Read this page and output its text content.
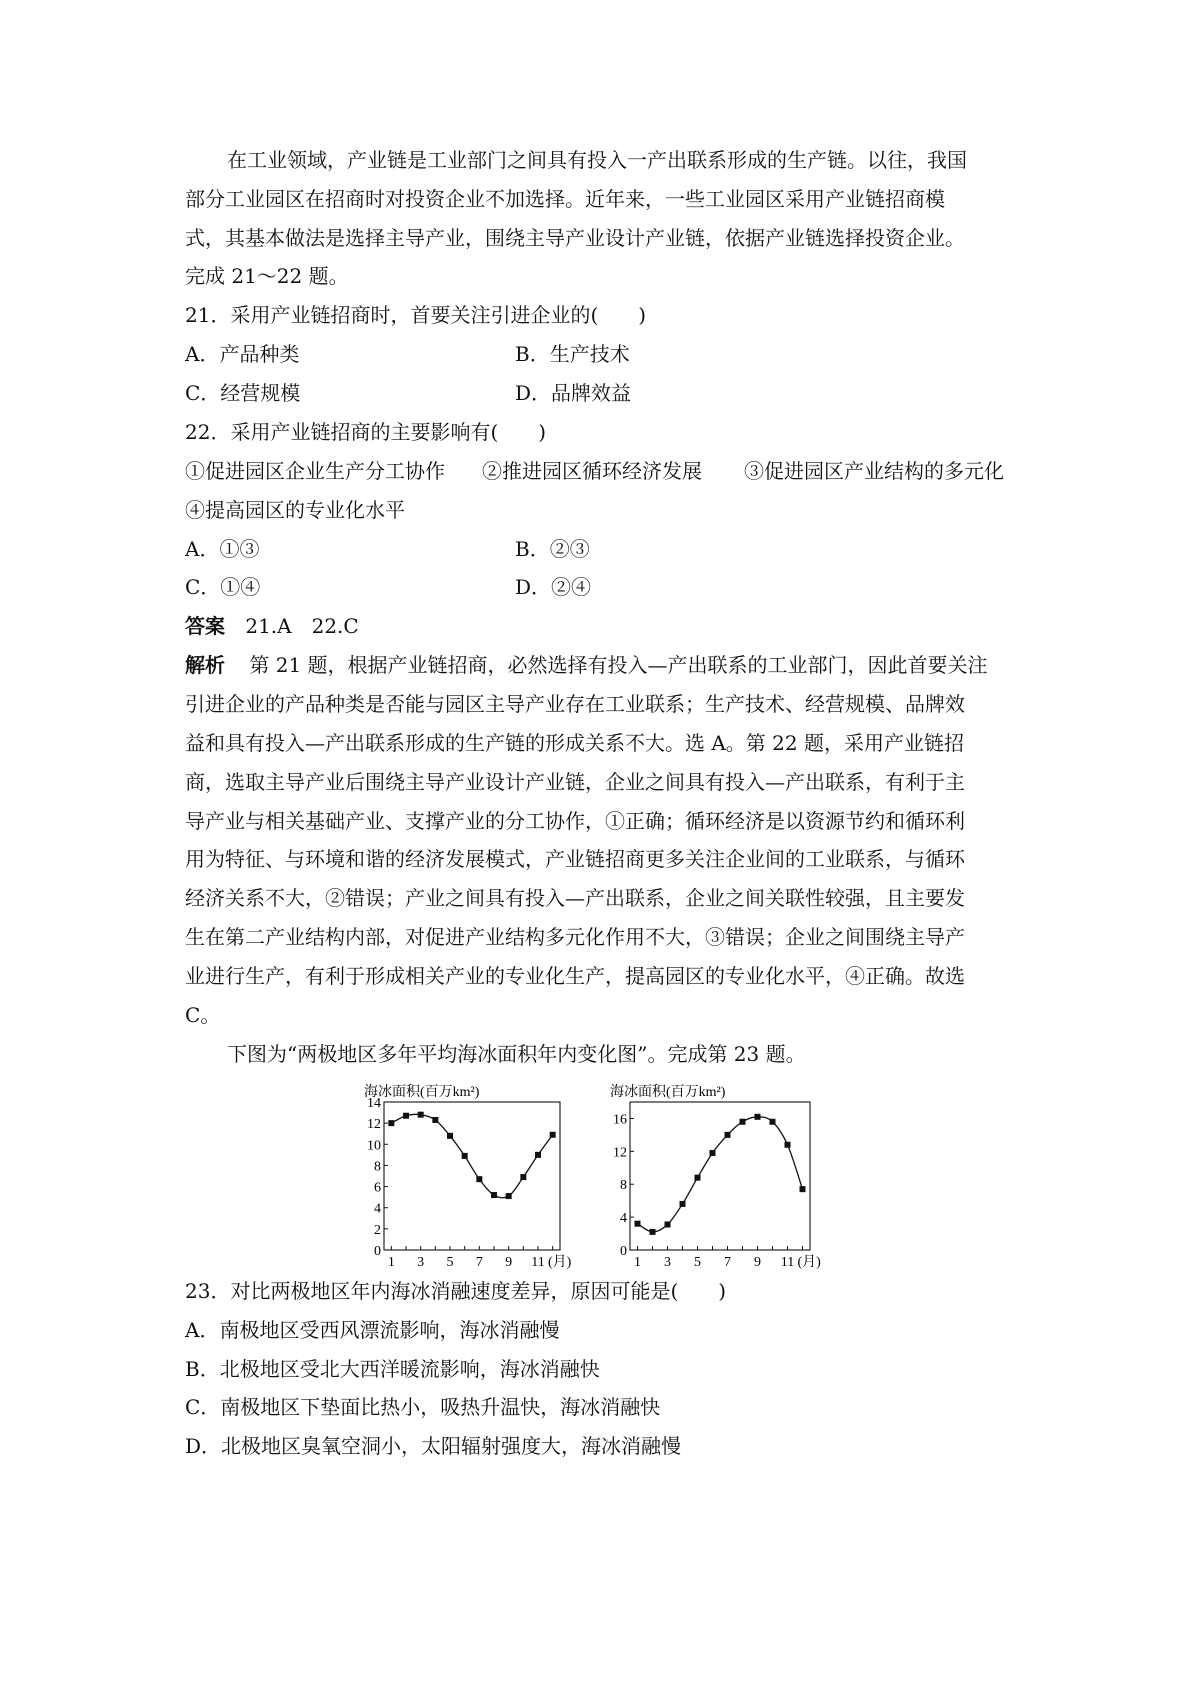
在工业领域，产业链是工业部门之间具有投入一产出联系形成的生产链。以往，我国
部分工业园区在招商时对投资企业不加选择。近年来，一些工业园区采用产业链招商模
式，其基本做法是选择主导产业，围绕主导产业设计产业链，依据产业链选择投资企业。
完成 21～22 题。
21．采用产业链招商时，首要关注引进企业的(　　)
A．产品种类	B．生产技术
C．经营规模	D．品牌效益
22．采用产业链招商的主要影响有(　　)
①促进园区企业生产分工协作 ②推进园区循环经济发展 ③促进园区产业结构的多元化
④提高园区的专业化水平
A．①③	B．②③
C．①④	D．②④
答案 21.A　22.C
解析 第 21 题，根据产业链招商，必然选择有投入—产出联系的工业部门，因此首要关注
引进企业的产品种类是否能与园区主导产业存在工业联系；生产技术、经营规模、品牌效
益和具有投入—产出联系形成的生产链的形成关系不大。选 A。第 22 题，采用产业链招
商，选取主导产业后围绕主导产业设计产业链，企业之间具有投入—产出联系，有利于主
导产业与相关基础产业、支撑产业的分工协作，①正确；循环经济是以资源节约和循环利
用为特征、与环境和谐的经济发展模式，产业链招商更多关注企业间的工业联系，与循环
经济关系不大，②错误；产业之间具有投入—产出联系，企业之间关联性较强，且主要发
生在第二产业结构内部，对促进产业结构多元化作用不大，③错误；企业之间围绕主导产
业进行生产，有利于形成相关产业的专业化生产，提高园区的专业化水平，④正确。故选
C。
下图为“两极地区多年平均海冰面积年内变化图”。完成第 23 题。
海冰面积(百万km²)
0
2
4
6
8
10
12
14
1 3 5 7 9 11 (月)
海冰面积(百万km²)
0
4
8
12
16
1 3 5 7 9 11 (月)
23．对比两极地区年内海冰消融速度差异，原因可能是(　　)
A．南极地区受西风漂流影响，海冰消融慢
B．北极地区受北大西洋暖流影响，海冰消融快
C．南极地区下垫面比热小，吸热升温快，海冰消融快
D．北极地区臭氧空洞小，太阳辐射强度大，海冰消融慢
